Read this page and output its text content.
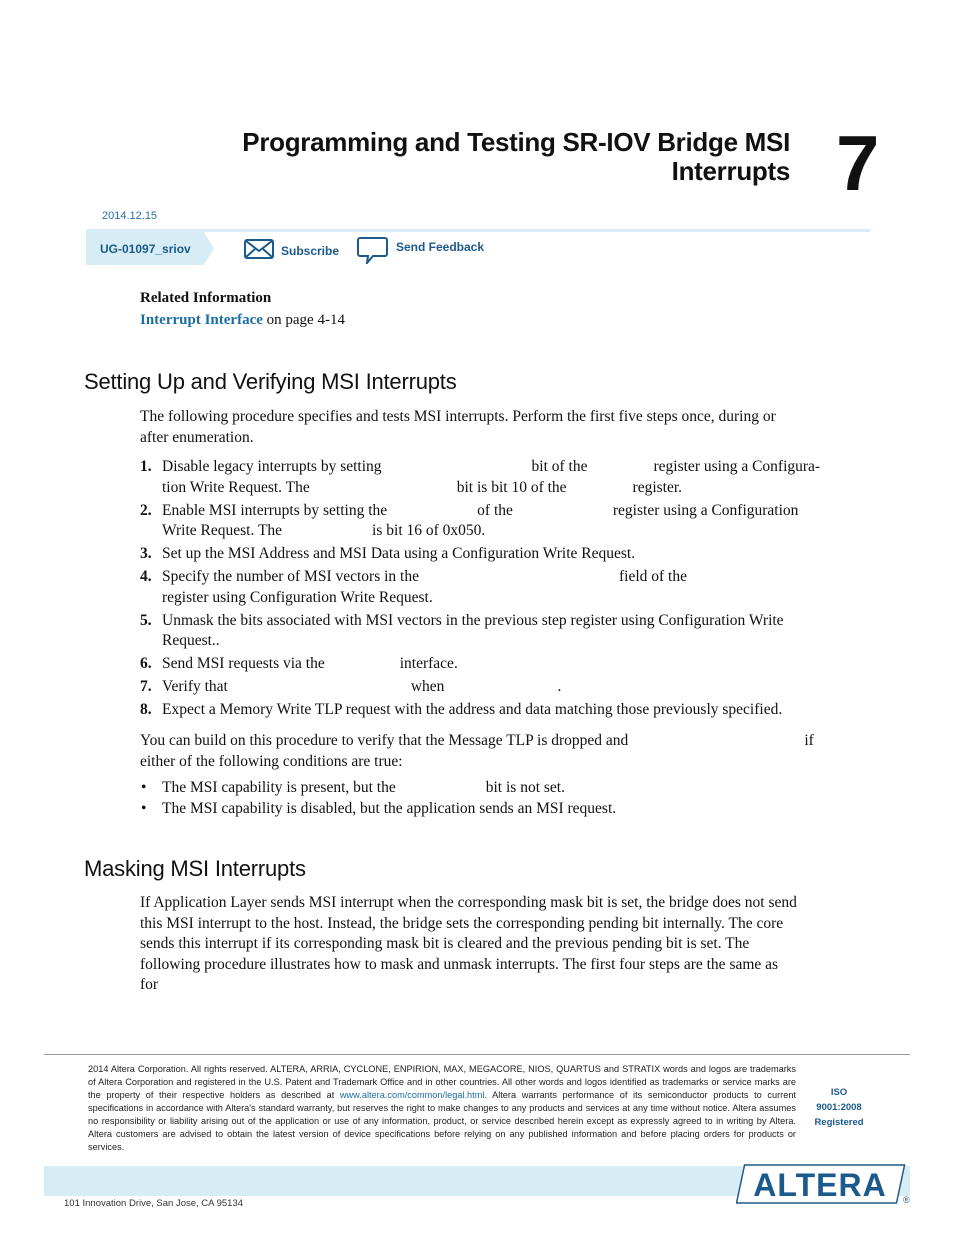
Programming and Testing SR-IOV Bridge MSI
Interrupts 7
2014.12.15
UG-01097_sriov	Subscribe	Send Feedback
Related Information
Interrupt Interface on page 4-14
Setting Up and Verifying MSI Interrupts
The following procedure specifies and tests MSI interrupts. Perform the first five steps once, during or
after enumeration.
1. Disable legacy interrupts by setting	bit of the	register using a Configura-
tion Write Request. The	bit is bit 10 of the	register.
2. Enable MSI interrupts by setting the	of the	register using a Configuration
Write Request. The	is bit 16 of 0x050.
3. Set up the MSI Address and MSI Data using a Configuration Write Request.
4. Specify the number of MSI vectors in the	field of the
register using Configuration Write Request.
5. Unmask the bits associated with MSI vectors in the previous step register using Configuration Write
Request..
6. Send MSI requests via the	interface.
7. Verify that	when	.
8. Expect a Memory Write TLP request with the address and data matching those previously specified.
You can build on this procedure to verify that the Message TLP is dropped and	if
either of the following conditions are true:
• The MSI capability is present, but the	bit is not set.
• The MSI capability is disabled, but the application sends an MSI request.
Masking MSI Interrupts
If Application Layer sends MSI interrupt when the corresponding mask bit is set, the bridge does not send
this MSI interrupt to the host. Instead, the bridge sets the corresponding pending bit internally. The core
sends this interrupt if its corresponding mask bit is cleared and the previous pending bit is set. The
following procedure illustrates how to mask and unmask interrupts. The first four steps are the same as
for
2014 Altera Corporation. All rights reserved. ALTERA, ARRIA, CYCLONE, ENPIRION, MAX, MEGACORE, NIOS, QUARTUS and STRATIX words and logos are trademarks of Altera Corporation and registered in the U.S. Patent and Trademark Office and in other countries. All other words and logos identified as trademarks or service marks are the property of their respective holders as described at www.altera.com/common/legal.html. Altera warrants performance of its semiconductor products to current specifications in accordance with Altera's standard warranty, but reserves the right to make changes to any products and services at any time without notice. Altera assumes no responsibility or liability arising out of the application or use of any information, product, or service described herein except as expressly agreed to in writing by Altera. Altera customers are advised to obtain the latest version of device specifications before relying on any published information and before placing orders for products or services.
ISO
9001:2008
Registered
101 Innovation Drive, San Jose, CA 95134
ALTERA ®
